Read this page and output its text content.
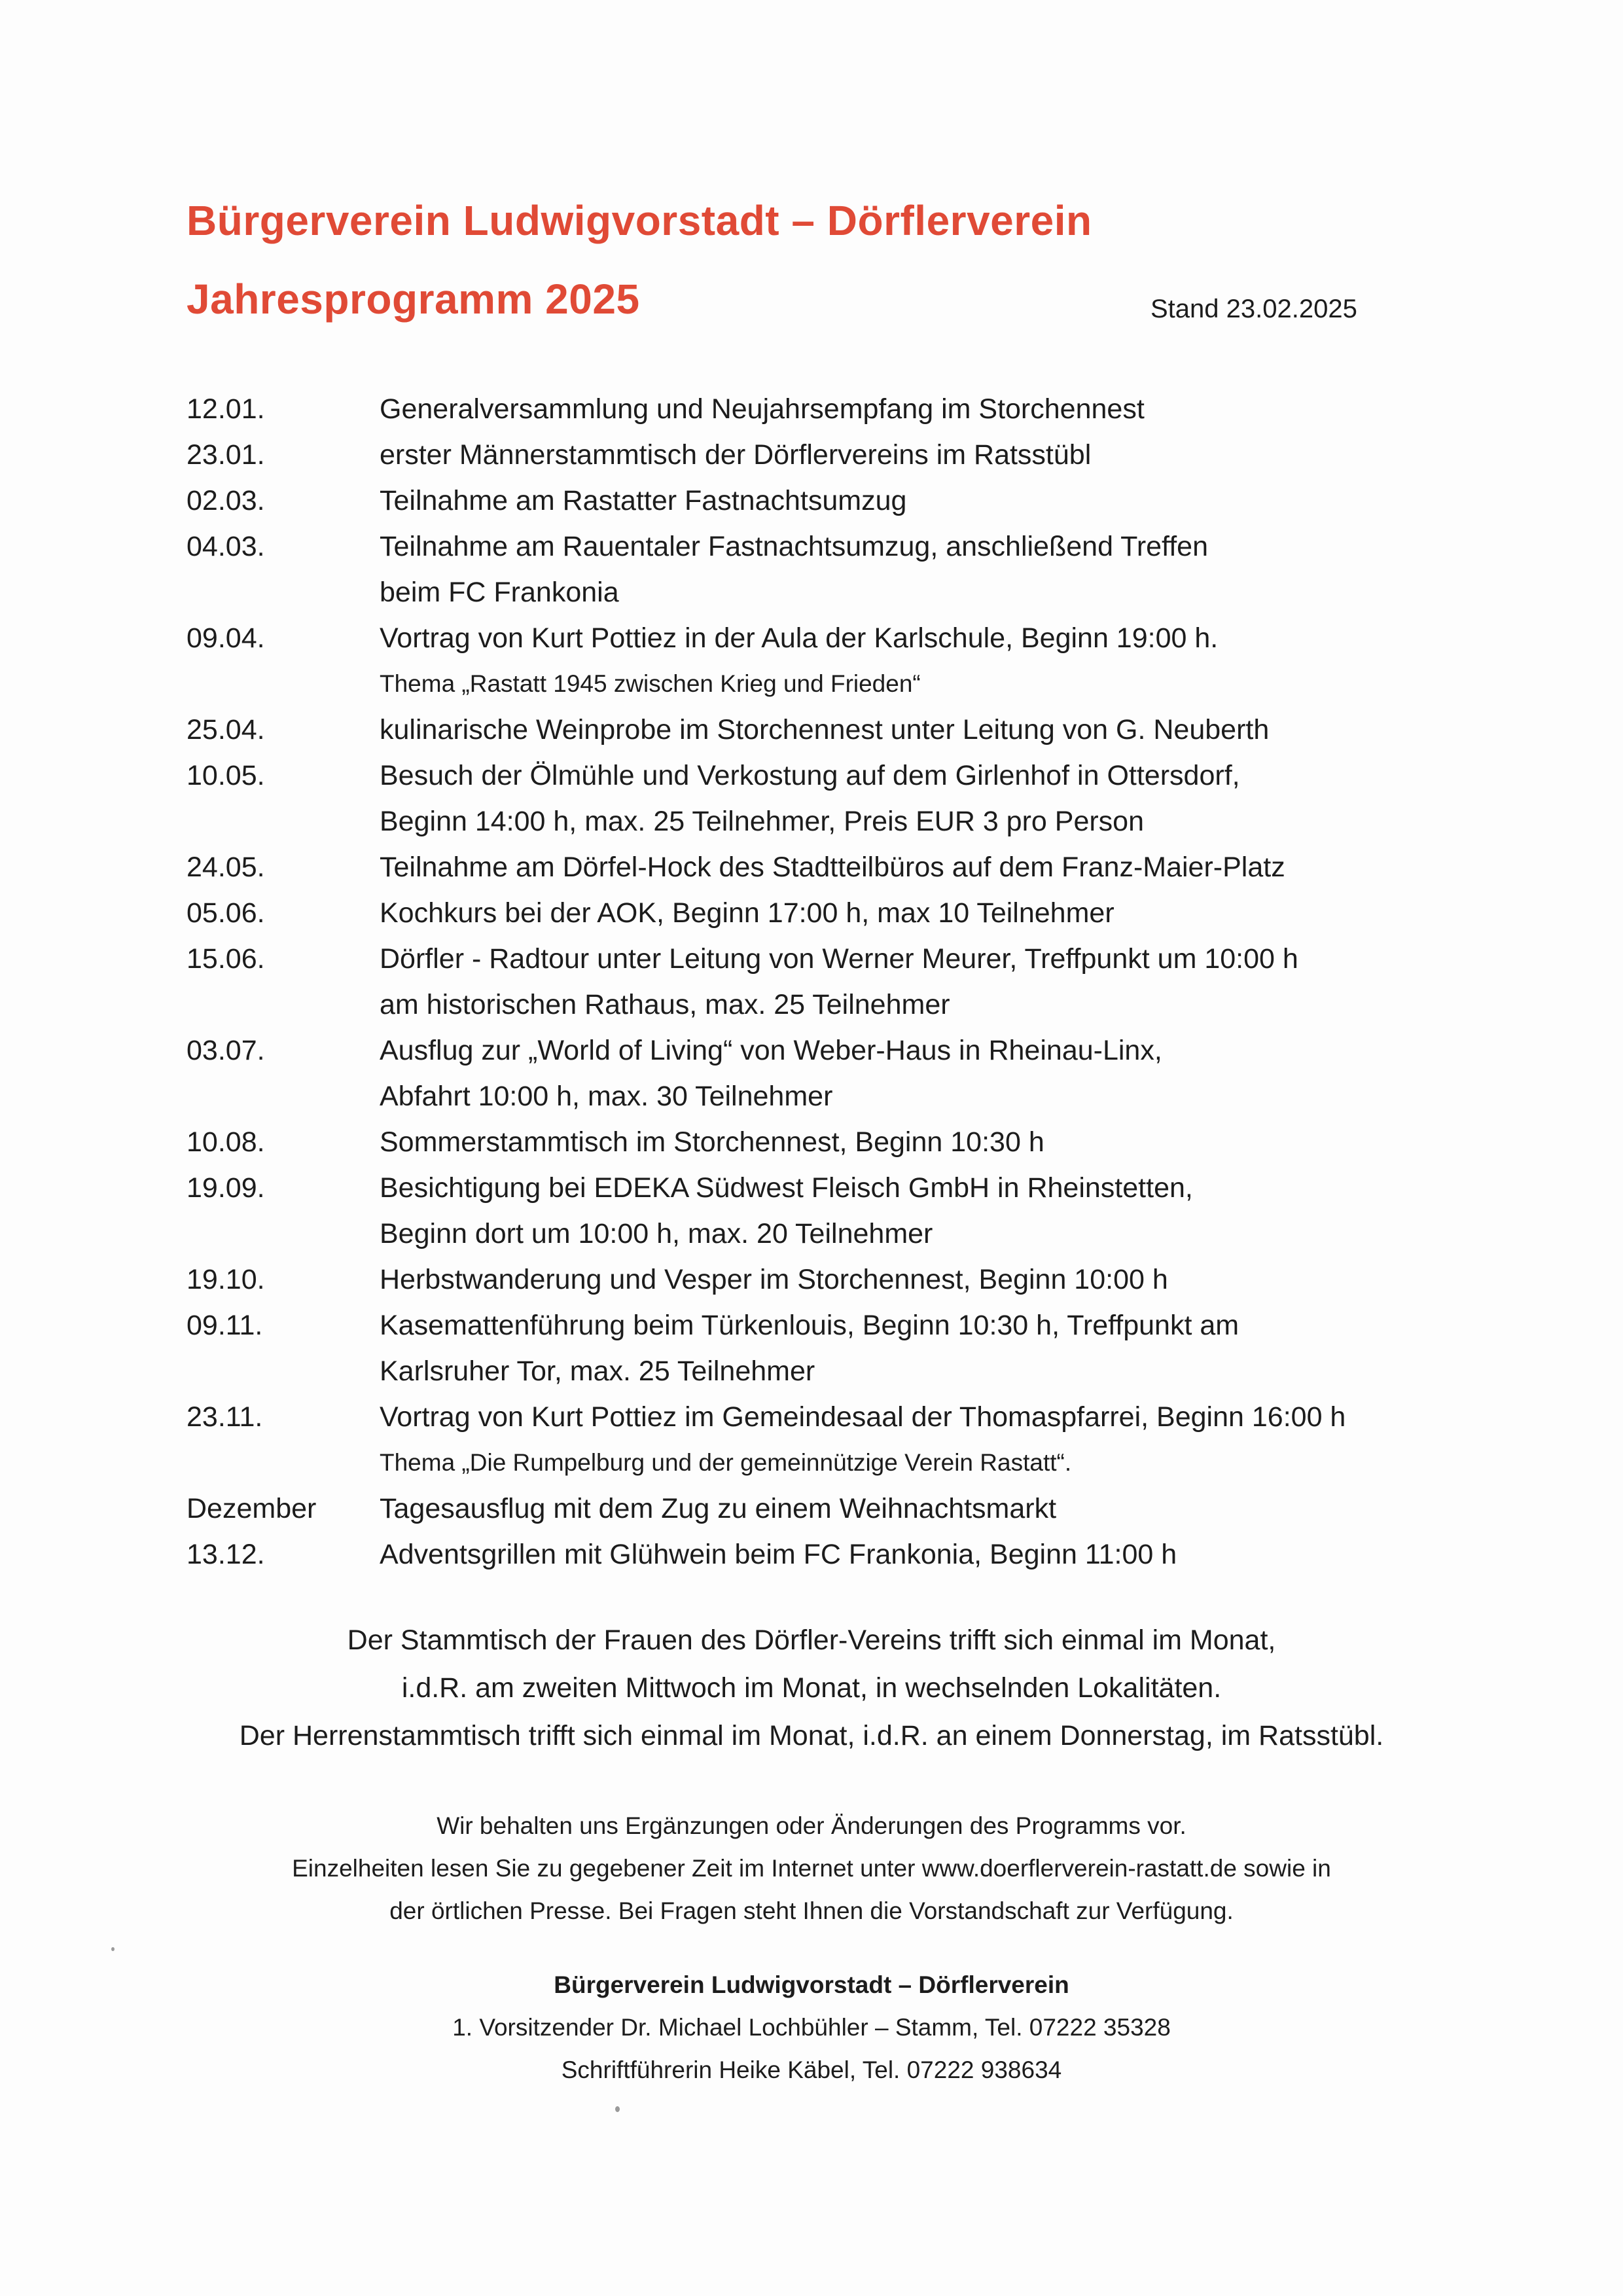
Bürgerverein Ludwigvorstadt – Dörflerverein
Jahresprogramm 2025	Stand 23.02.2025
12.01.	Generalversammlung und Neujahrsempfang im Storchennest
23.01.	erster Männerstammtisch der Dörflervereins im Ratsstübl
02.03.	Teilnahme am Rastatter Fastnachtsumzug
04.03.	Teilnahme am Rauentaler Fastnachtsumzug, anschließend Treffen
beim FC Frankonia
09.04.	Vortrag von Kurt Pottiez in der Aula der Karlschule, Beginn 19:00 h.
Thema „Rastatt 1945 zwischen Krieg und Frieden“
25.04.	kulinarische Weinprobe im Storchennest unter Leitung von G. Neuberth
10.05.	Besuch der Ölmühle und Verkostung auf dem Girlenhof in Ottersdorf,
Beginn 14:00 h, max. 25 Teilnehmer, Preis EUR 3 pro Person
24.05.	Teilnahme am Dörfel-Hock des Stadtteilbüros auf dem Franz-Maier-Platz
05.06.	Kochkurs bei der AOK, Beginn 17:00 h, max 10 Teilnehmer
15.06.	Dörfler - Radtour unter Leitung von Werner Meurer, Treffpunkt um 10:00 h
am historischen Rathaus, max. 25 Teilnehmer
03.07.	Ausflug zur „World of Living“ von Weber-Haus in Rheinau-Linx,
Abfahrt 10:00 h, max. 30 Teilnehmer
10.08.	Sommerstammtisch im Storchennest, Beginn 10:30 h
19.09.	Besichtigung bei EDEKA Südwest Fleisch GmbH in Rheinstetten,
Beginn dort um 10:00 h, max. 20 Teilnehmer
19.10.	Herbstwanderung und Vesper im Storchennest, Beginn 10:00 h
09.11.	Kasemattenführung beim Türkenlouis, Beginn 10:30 h, Treffpunkt am
Karlsruher Tor, max. 25 Teilnehmer
23.11.	Vortrag von Kurt Pottiez im Gemeindesaal der Thomaspfarrei, Beginn 16:00 h
Thema „Die Rumpelburg und der gemeinnützige Verein Rastatt“.
Dezember Tagesausflug mit dem Zug zu einem Weihnachtsmarkt
13.12.	Adventsgrillen mit Glühwein beim FC Frankonia, Beginn 11:00 h
Der Stammtisch der Frauen des Dörfler-Vereins trifft sich einmal im Monat,
i.d.R. am zweiten Mittwoch im Monat, in wechselnden Lokalitäten.
Der Herrenstammtisch trifft sich einmal im Monat, i.d.R. an einem Donnerstag, im Ratsstübl.
Wir behalten uns Ergänzungen oder Änderungen des Programms vor.
Einzelheiten lesen Sie zu gegebener Zeit im Internet unter www.doerflerverein-rastatt.de sowie in
der örtlichen Presse. Bei Fragen steht Ihnen die Vorstandschaft zur Verfügung.
Bürgerverein Ludwigvorstadt – Dörflerverein
1. Vorsitzender Dr. Michael Lochbühler – Stamm, Tel. 07222 35328
Schriftführerin Heike Käbel, Tel. 07222 938634
